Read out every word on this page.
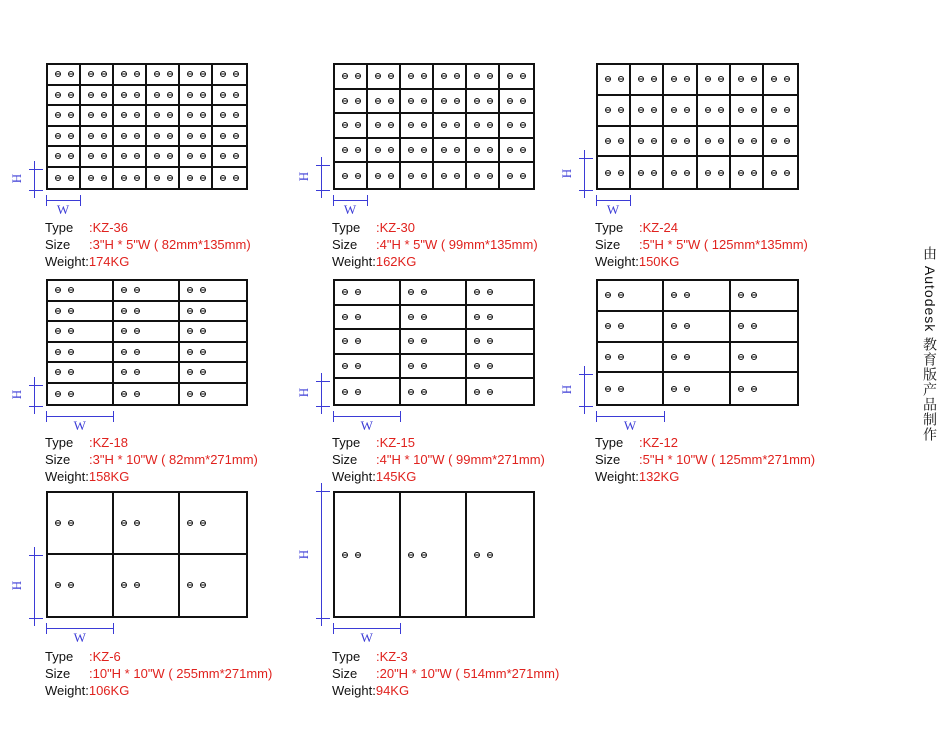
由 Autodesk 教育版产品制作
H
W
Type :KZ-36
Size :3"H * 5"W ( 82mm*135mm)
Weight:174KG
H
W
Type :KZ-30
Size :4"H * 5"W ( 99mm*135mm)
Weight:162KG
H
W
Type :KZ-24
Size :5"H * 5"W ( 125mm*135mm)
Weight:150KG
H
W
Type :KZ-18
Size :3"H * 10"W ( 82mm*271mm)
Weight:158KG
H
W
Type :KZ-15
Size :4"H * 10"W ( 99mm*271mm)
Weight:145KG
H
W
Type :KZ-12
Size :5"H * 10"W ( 125mm*271mm)
Weight:132KG
H
W
Type :KZ-6
Size :10"H * 10"W ( 255mm*271mm)
Weight:106KG
H
W
Type :KZ-3
Size :20"H * 10"W ( 514mm*271mm)
Weight:94KG
